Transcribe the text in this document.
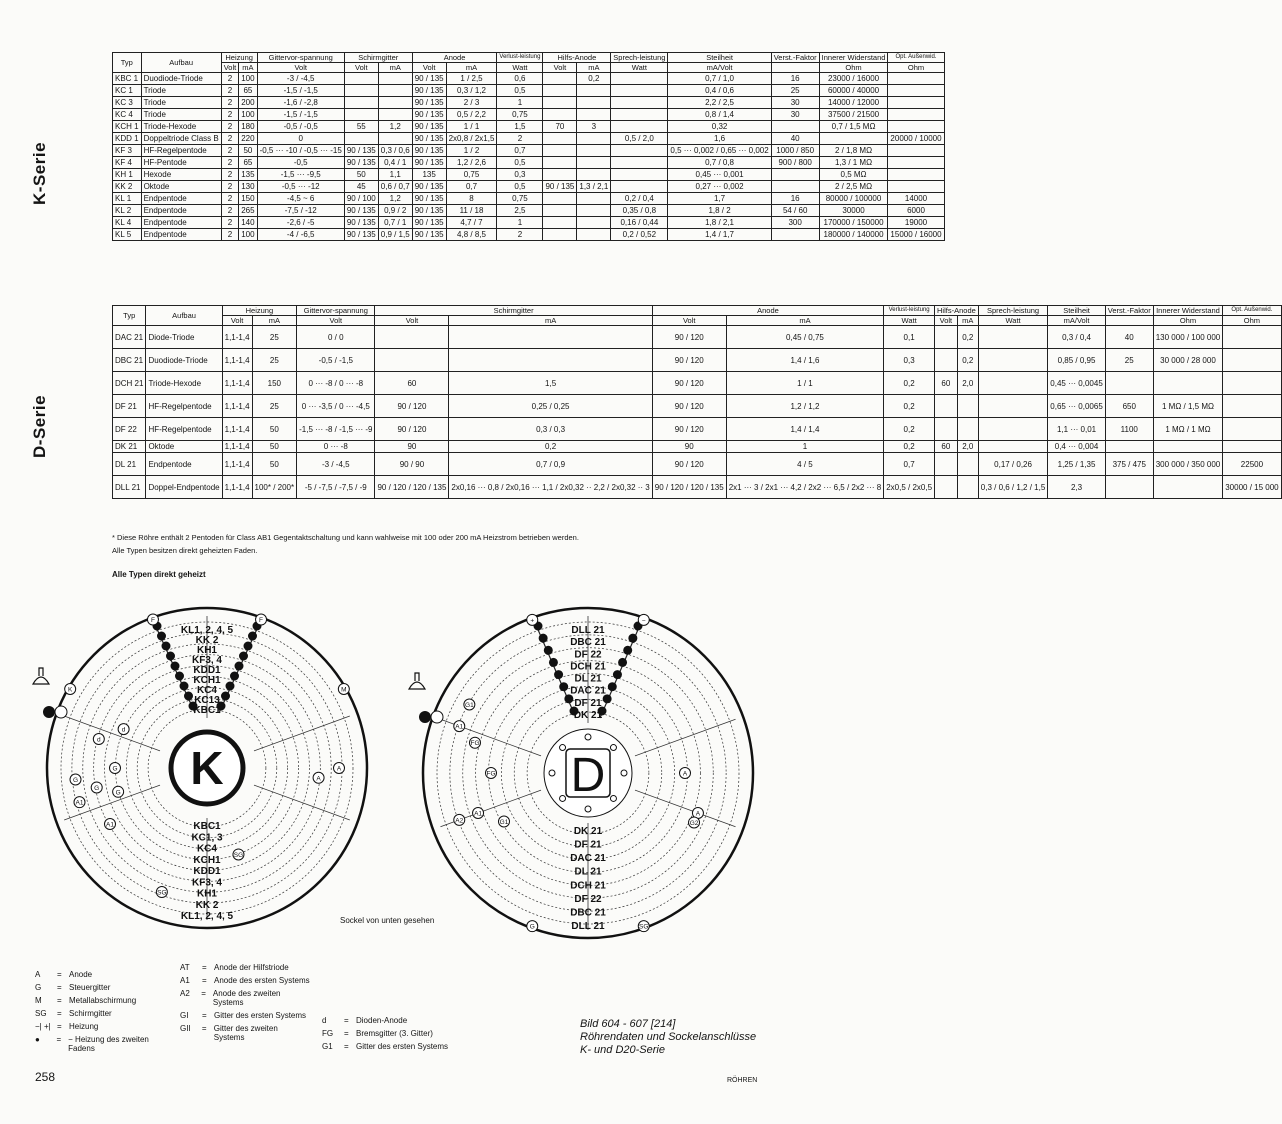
K-Serie
D-Serie
Typ	Aufbau	Heizung		Gittervor-spannung	Schirmgitter		Anode		Verlust-leistung	Hilfs-Anode		Sprech-leistung	Steilheit	Verst.-Faktor	Innerer Widerstand	Opt. Außenwid.
		Volt	mA	Volt	Volt	mA	Volt	mA	Watt	Volt	mA	Watt	mA/Volt		Ohm	Ohm
KBC 1	Duodiode-Triode	2	100	-3 / -4,5			90 / 135	1 / 2,5	0,6		0,2		0,7 / 1,0	16	23000 / 16000	
KC 1	Triode	2	65	-1,5 / -1,5			90 / 135	0,3 / 1,2	0,5				0,4 / 0,6	25	60000 / 40000	
KC 3	Triode	2	200	-1,6 / -2,8			90 / 135	2 / 3	1				2,2 / 2,5	30	14000 / 12000	
KC 4	Triode	2	100	-1,5 / -1,5			90 / 135	0,5 / 2,2	0,75				0,8 / 1,4	30	37500 / 21500	
KCH 1	Triode-Hexode	2	180	-0,5 / -0,5	55	1,2	90 / 135	1 / 1	1,5	70	3		0,32		0,7 / 1,5 MΩ	
KDD 1	Doppeltriode Class B	2	220	0			90 / 135	2x0,8 / 2x1,5	2			0,5 / 2,0	1,6	40		20000 / 10000
KF 3	HF-Regelpentode	2	50	-0,5 ··· -10 / -0,5 ··· -15	90 / 135	0,3 / 0,6	90 / 135	1 / 2	0,7				0,5 ··· 0,002 / 0,65 ··· 0,002	1000 / 850	2 / 1,8 MΩ	
KF 4	HF-Pentode	2	65	-0,5	90 / 135	0,4 / 1	90 / 135	1,2 / 2,6	0,5				0,7 / 0,8	900 / 800	1,3 / 1 MΩ	
KH 1	Hexode	2	135	-1,5 ··· -9,5	50	1,1	135	0,75	0,3				0,45 ··· 0,001		0,5 MΩ	
KK 2	Oktode	2	130	-0,5 ··· -12	45	0,6 / 0,7	90 / 135	0,7	0,5	90 / 135	1,3 / 2,1		0,27 ··· 0,002		2 / 2,5 MΩ	
KL 1	Endpentode	2	150	-4,5 ~ 6	90 / 100	1,2	90 / 135	8	0,75			0,2 / 0,4	1,7	16	80000 / 100000	14000
KL 2	Endpentode	2	265	-7,5 / -12	90 / 135	0,9 / 2	90 / 135	11 / 18	2,5			0,35 / 0,8	1,8 / 2	54 / 60	30000	6000
KL 4	Endpentode	2	140	-2,6 / -5	90 / 135	0,7 / 1	90 / 135	4,7 / 7	1			0,16 / 0,44	1,8 / 2,1	300	170000 / 150000	19000
KL 5	Endpentode	2	100	-4 / -6,5	90 / 135	0,9 / 1,5	90 / 135	4,8 / 8,5	2			0,2 / 0,52	1,4 / 1,7		180000 / 140000	15000 / 16000
Typ	Aufbau	Heizung		Gittervor-spannung	Schirmgitter		Anode		Verlust-leistung	Hilfs-Anode		Sprech-leistung	Steilheit	Verst.-Faktor	Innerer Widerstand	Opt. Außenwid.
		Volt	mA	Volt	Volt	mA	Volt	mA	Watt	Volt	mA	Watt	mA/Volt		Ohm	Ohm
DAC 21	Diode-Triode	1,1-1,4	25	0 / 0			90 / 120	0,45 / 0,75	0,1		0,2		0,3 / 0,4	40	130 000 / 100 000	
DBC 21	Duodiode-Triode	1,1-1,4	25	-0,5 / -1,5			90 / 120	1,4 / 1,6	0,3		0,2		0,85 / 0,95	25	30 000 / 28 000	
DCH 21	Triode-Hexode	1,1-1,4	150	0 ··· -8 / 0 ··· -8	60	1,5	90 / 120	1 / 1	0,2	60	2,0		0,45 ··· 0,0045			
DF 21	HF-Regelpentode	1,1-1,4	25	0 ··· -3,5 / 0 ··· -4,5	90 / 120	0,25 / 0,25	90 / 120	1,2 / 1,2	0,2				0,65 ··· 0,0065	650	1 MΩ / 1,5 MΩ	
DF 22	HF-Regelpentode	1,1-1,4	50	-1,5 ··· -8 / -1,5 ··· -9	90 / 120	0,3 / 0,3	90 / 120	1,4 / 1,4	0,2				1,1 ··· 0,01	1100	1 MΩ / 1 MΩ	
DK 21	Oktode	1,1-1,4	50	0 ··· -8	90	0,2	90	1	0,2	60	2,0		0,4 ··· 0,004			
DL 21	Endpentode	1,1-1,4	50	-3 / -4,5	90 / 90	0,7 / 0,9	90 / 120	4 / 5	0,7			0,17 / 0,26	1,25 / 1,35	375 / 475	300 000 / 350 000	22500
DLL 21	Doppel-Endpentode	1,1-1,4	100* / 200*	-5 / -7,5 / -7,5 / -9	90 / 120 / 120 / 135	2x0,16 ··· 0,8 / 2x0,16 ··· 1,1 / 2x0,32 ·· 2,2 / 2x0,32 ·· 3	90 / 120 / 120 / 135	2x1 ··· 3 / 2x1 ··· 4,2 / 2x2 ··· 6,5 / 2x2 ··· 8	2x0,5 / 2x0,5			0,3 / 0,6 / 1,2 / 1,5	2,3			30000 / 15 000
* Diese Röhre enthält 2 Pentoden für Class AB1 Gegentaktschaltung und kann wahlweise mit 100 oder 200 mA Heizstrom betrieben werden.
Alle Typen besitzen direkt geheizten Faden.
Alle Typen direkt geheizt
KL1, 2, 4, 5
KK 2
KH1
KF3, 4
KDD1
KCH1
KC4
KC13
KBC1
KBC1
KC1, 3
KC4
KCH1
KDD1
KF3, 4
KH1
KK 2
KL1, 2, 4, 5
K
F	F
K	M
d
d
A
A
G
G
G
G
A1
A1
SG
SG
DLL 21
DBC 21
DF 22
DCH 21
DL 21
DAC 21
DF 21
DK 21
DK 21
DF 21
DAC 21
DL 21
DCH 21
DF 22
DBC 21
DLL 21
D
+	−
G	SG
A
A
A1
A1
G1
G1
FG
FG
A2	G2
Sockel von unten gesehen
A	= Anode
G	= Steuergitter
M	= Metallabschirmung
SG	= Schirmgitter
−| +| = Heizung
●	= − Heizung des zweiten Fadens
AT	= Anode der Hilfstriode
A1	= Anode des ersten Systems
A2	= Anode des zweiten Systems
GI	= Gitter des ersten Systems
GII	= Gitter des zweiten Systems
d	= Dioden-Anode
FG	= Bremsgitter (3. Gitter)
G1	= Gitter des ersten Systems
Bild 604 - 607 [214]
Röhrendaten und Sockelanschlüsse
K- und D20-Serie
258	RÖHREN
